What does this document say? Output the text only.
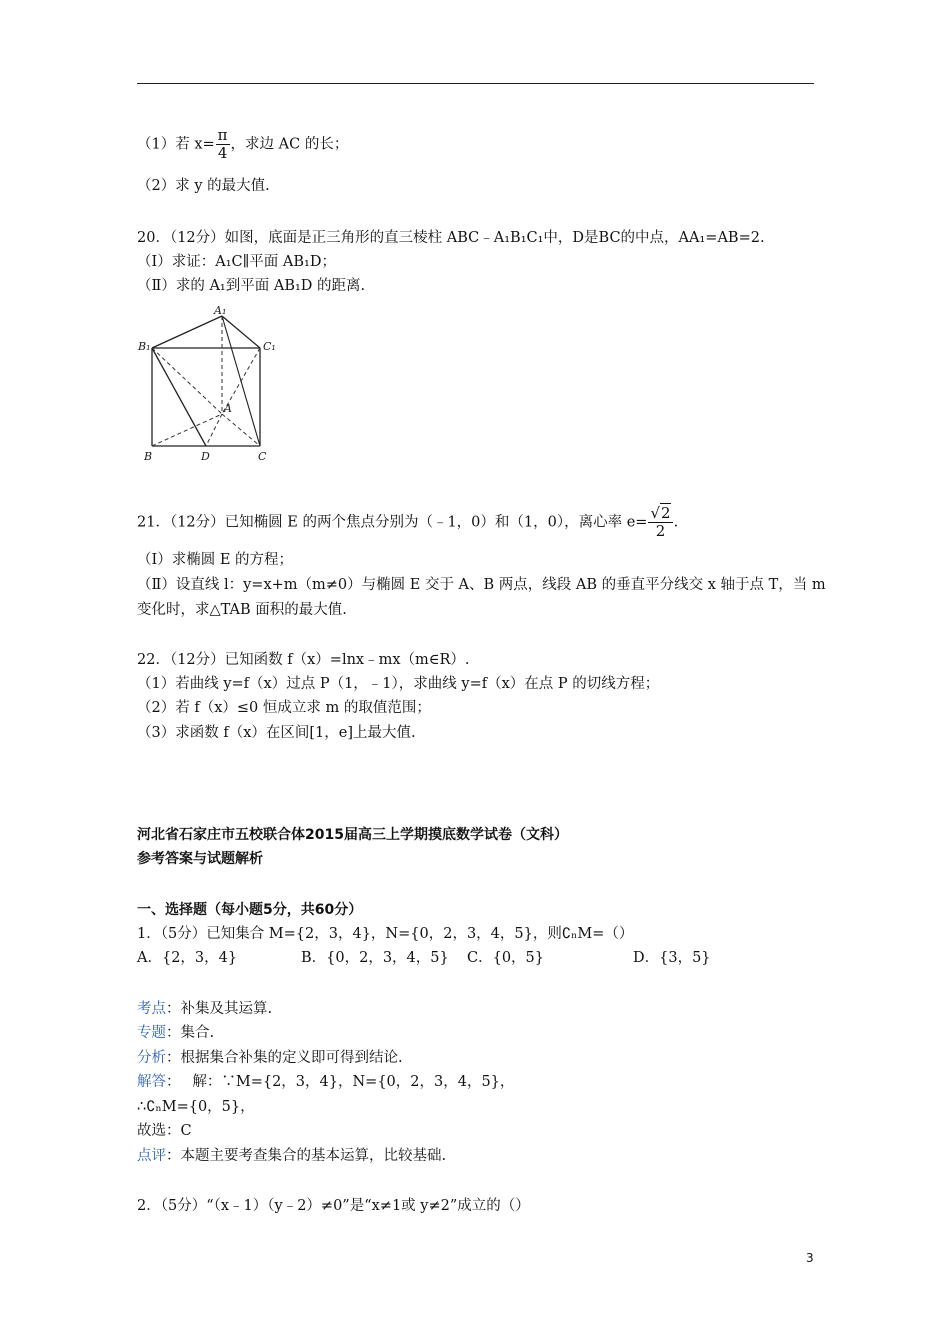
（1）若 $x= \frac{\pi}{4}$ ，求边 AC 的长；
（2）求 y 的最大值.
20．（12分）如图，底面是正三角形的直三棱柱 ABC﹣A₁B₁C₁中，D是BC的中点，AA₁=AB=2.
（Ⅰ）求证：A₁C∥平面 AB₁D；
（Ⅱ）求的 A₁到平面 AB₁D 的距离.
A₁
B₁	C₁
A
B	D	C
21．（12分）已知椭圆 E 的两个焦点分别为（﹣1，0）和（1，0），离心率 $e= \frac{√2}{2}$ .
（Ⅰ）求椭圆 E 的方程；
（Ⅱ）设直线 l：y=x+m（m≠0）与椭圆 E 交于 A、B 两点，线段 AB 的垂直平分线交 x 轴于点 T，当 m
变化时，求△TAB 面积的最大值.
22．（12分）已知函数 f（x）=lnx﹣mx（m∈R）.
（1）若曲线 y=f（x）过点 P（1，﹣1），求曲线 y=f（x）在点 P 的切线方程；
（2）若 f（x）≤0 恒成立求 m 的取值范围；
（3）求函数 f（x）在区间[1，e]上最大值.
河北省石家庄市五校联合体2015届高三上学期摸底数学试卷（文科）
参考答案与试题解析
一、选择题（每小题5分，共60分）
1．（5分）已知集合 M={2，3，4}，N={0，2，3，4，5}，则∁ₙM=（）
A．{2，3，4}	B．{0，2，3，4，5} C．{0，5}	D．{3，5}
考点：补集及其运算.
专题：集合.
分析：根据集合补集的定义即可得到结论.
解答：　 解：∵M={2，3，4}，N={0，2，3，4，5}，
∴∁ₙM={0，5}，
故选：C
点评：本题主要考查集合的基本运算，比较基础.
2．（5分）“（x﹣1）（y﹣2）≠0”是“x≠1或 y≠2”成立的（）
3
